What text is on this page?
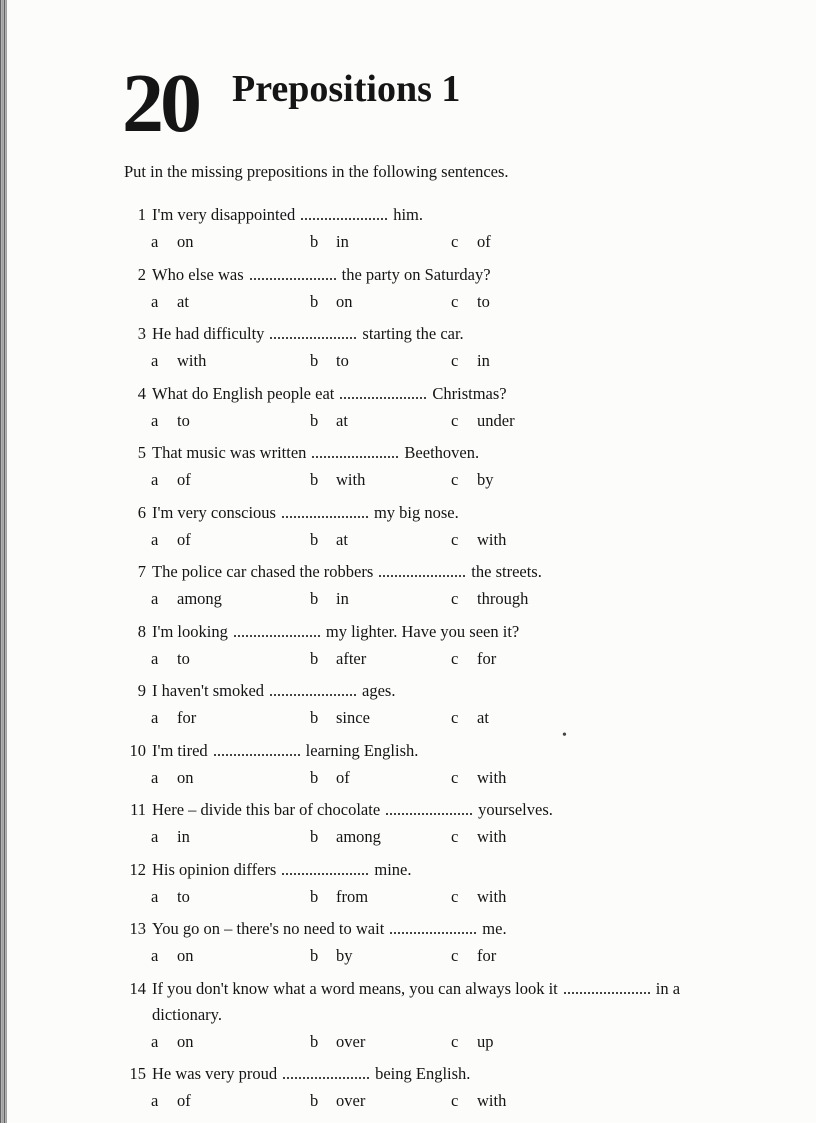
20 Prepositions 1
Put in the missing prepositions in the following sentences.
1 I'm very disappointed	him.
a on	b in	c of
2 Who else was	the party on Saturday?
a at	b on	c to
3 He had difficulty	starting the car.
a with	b to	c in
4 What do English people eat	Christmas?
a to	b at	c under
5 That music was written	Beethoven.
a of	b with	c by
6 I'm very conscious	my big nose.
a of	b at	c with
7 The police car chased the robbers	the streets.
a among	b in	c through
8 I'm looking	my lighter. Have you seen it?
a to	b after	c for
9 I haven't smoked	ages.
a for	b since	c at
10 I'm tired	learning English.
a on	b of	c with
11 Here – divide this bar of chocolate	yourselves.
a in	b among	c with
12 His opinion differs	mine.
a to	b from	c with
13 You go on – there's no need to wait	me.
a on	b by	c for
14 If you don't know what a word means, you can always look it	in a
dictionary.
a on	b over	c up
15 He was very proud	being English.
a of	b over	c with
•
